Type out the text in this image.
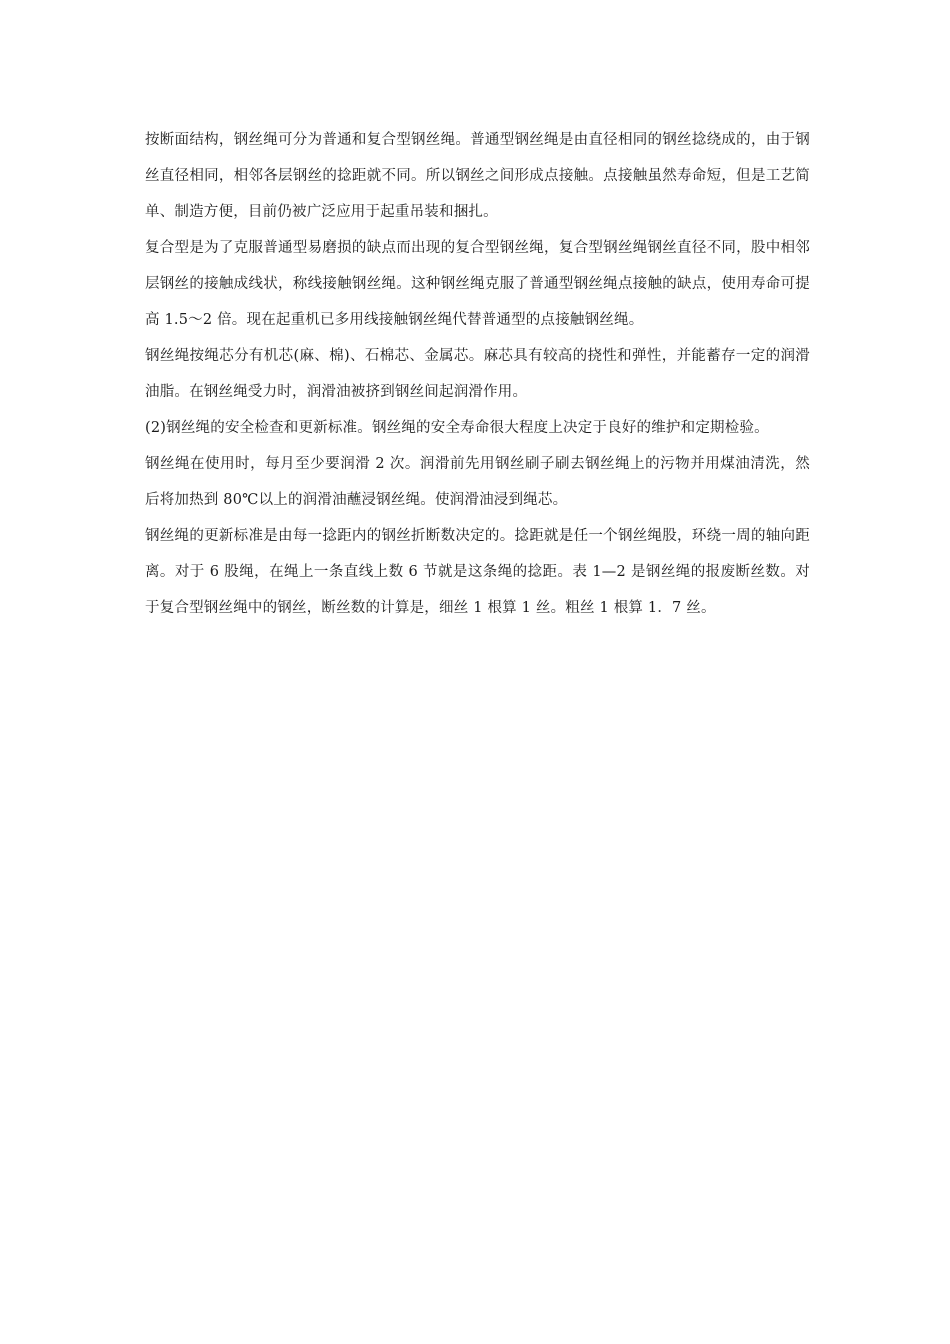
按断面结构，钢丝绳可分为普通和复合型钢丝绳。普通型钢丝绳是由直径相同的钢丝捻绕成的，由于钢丝直径相同，相邻各层钢丝的捻距就不同。所以钢丝之间形成点接触。点接触虽然寿命短，但是工艺简单、制造方便，目前仍被广泛应用于起重吊装和捆扎。

复合型是为了克服普通型易磨损的缺点而出现的复合型钢丝绳，复合型钢丝绳钢丝直径不同，股中相邻层钢丝的接触成线状，称线接触钢丝绳。这种钢丝绳克服了普通型钢丝绳点接触的缺点，使用寿命可提高 1.5～2 倍。现在起重机已多用线接触钢丝绳代替普通型的点接触钢丝绳。

钢丝绳按绳芯分有机芯(麻、棉)、石棉芯、金属芯。麻芯具有较高的挠性和弹性，并能蓄存一定的润滑油脂。在钢丝绳受力时，润滑油被挤到钢丝间起润滑作用。

(2)钢丝绳的安全检查和更新标准。钢丝绳的安全寿命很大程度上决定于良好的维护和定期检验。

钢丝绳在使用时，每月至少要润滑 2 次。润滑前先用钢丝刷子刷去钢丝绳上的污物并用煤油清洗，然后将加热到 80℃以上的润滑油蘸浸钢丝绳。使润滑油浸到绳芯。

钢丝绳的更新标准是由每一捻距内的钢丝折断数决定的。捻距就是任一个钢丝绳股，环绕一周的轴向距离。对于 6 股绳，在绳上一条直线上数 6 节就是这条绳的捻距。表 1—2 是钢丝绳的报废断丝数。对于复合型钢丝绳中的钢丝，断丝数的计算是，细丝 1 根算 1 丝。粗丝 1 根算 1．7 丝。
